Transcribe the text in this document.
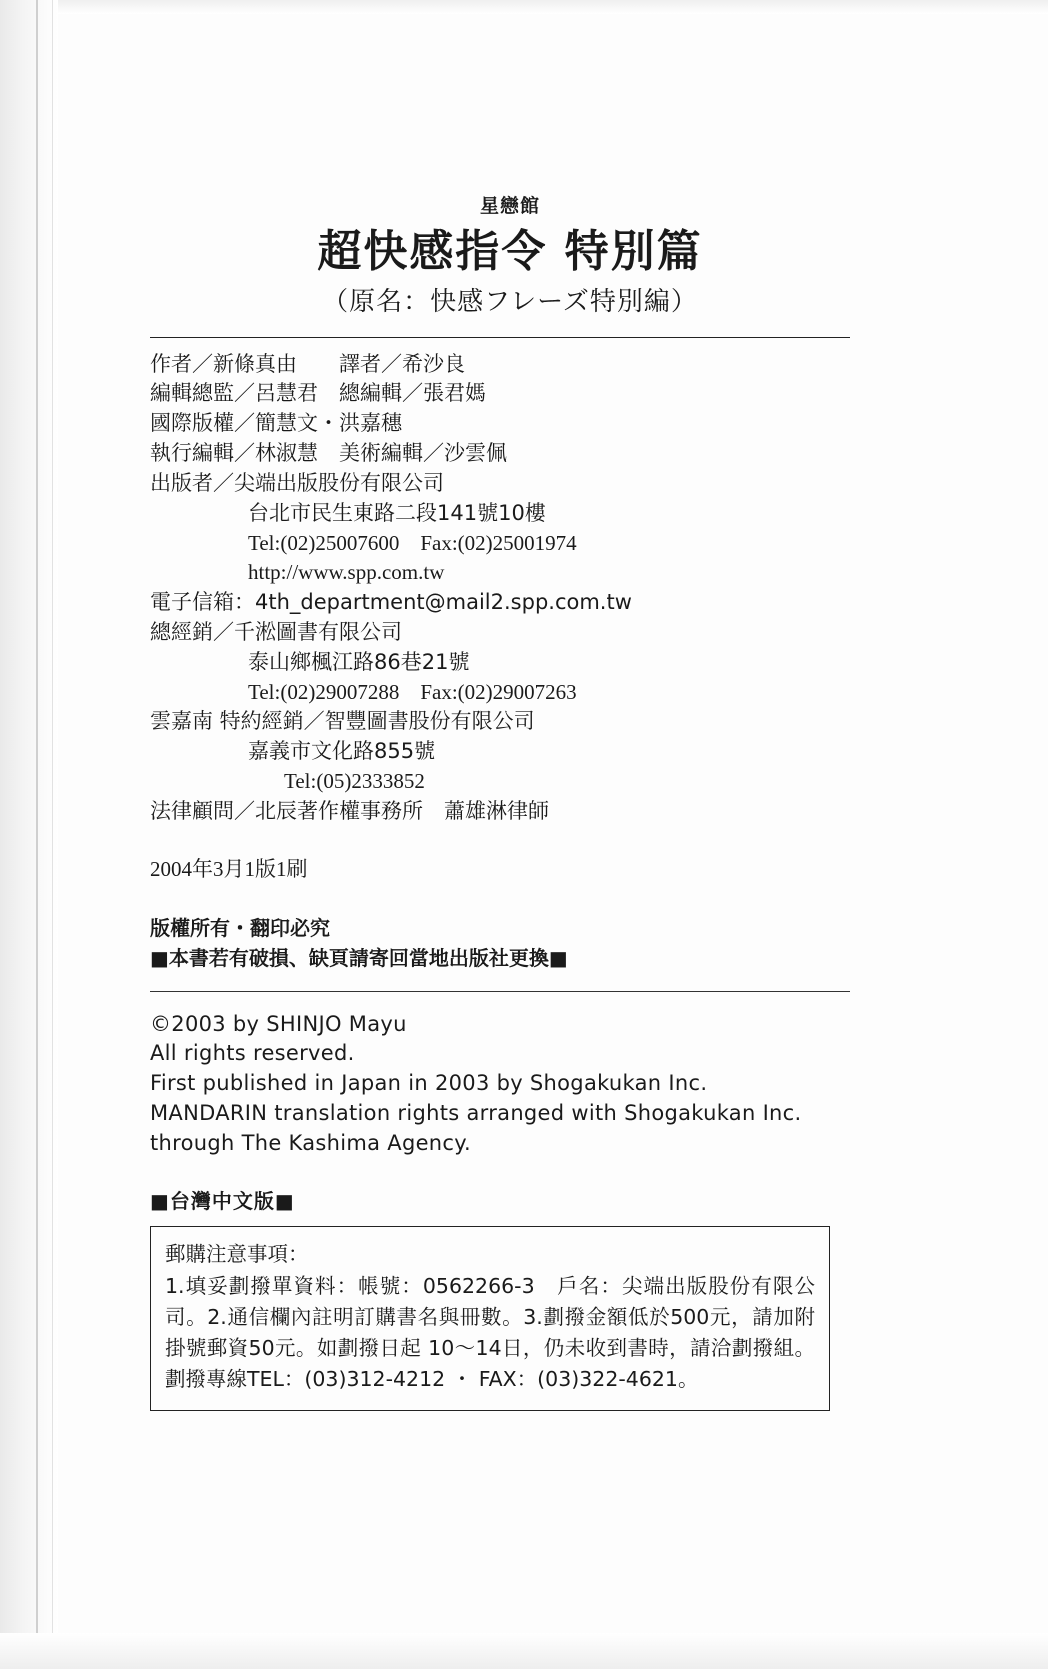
星戀館
超快感指令 特別篇
（原名：快感フレーズ特別編）
作者／新條真由　　譯者／希沙良
編輯總監／呂慧君　總編輯／張君媽
國際版權／簡慧文・洪嘉穗
執行編輯／林淑慧　美術編輯／沙雲佩
出版者／尖端出版股份有限公司
台北市民生東路二段141號10樓
Tel:(02)25007600　Fax:(02)25001974
http://www.spp.com.tw
電子信箱：4th_department@mail2.spp.com.tw
總經銷／千淞圖書有限公司
泰山鄉楓江路86巷21號
Tel:(02)29007288　Fax:(02)29007263
雲嘉南 特約經銷／智豐圖書股份有限公司
嘉義市文化路855號
Tel:(05)2333852
法律顧問／北辰著作權事務所　蕭雄淋律師
2004年3月1版1刷
版權所有・翻印必究
■本書若有破損、缺頁請寄回當地出版社更換■
©2003 by SHINJO Mayu
All rights reserved.
First published in Japan in 2003 by Shogakukan Inc.
MANDARIN translation rights arranged with Shogakukan Inc.
through The Kashima Agency.
■台灣中文版■
郵購注意事項：
1.填妥劃撥單資料：帳號：0562266-3　戶名：尖端出版股份有限公司。2.通信欄內註明訂購書名與冊數。3.劃撥金額低於500元，請加附掛號郵資50元。如劃撥日起 10～14日，仍未收到書時，請洽劃撥組。劃撥專線TEL：(03)312-4212 ・ FAX：(03)322-4621。
